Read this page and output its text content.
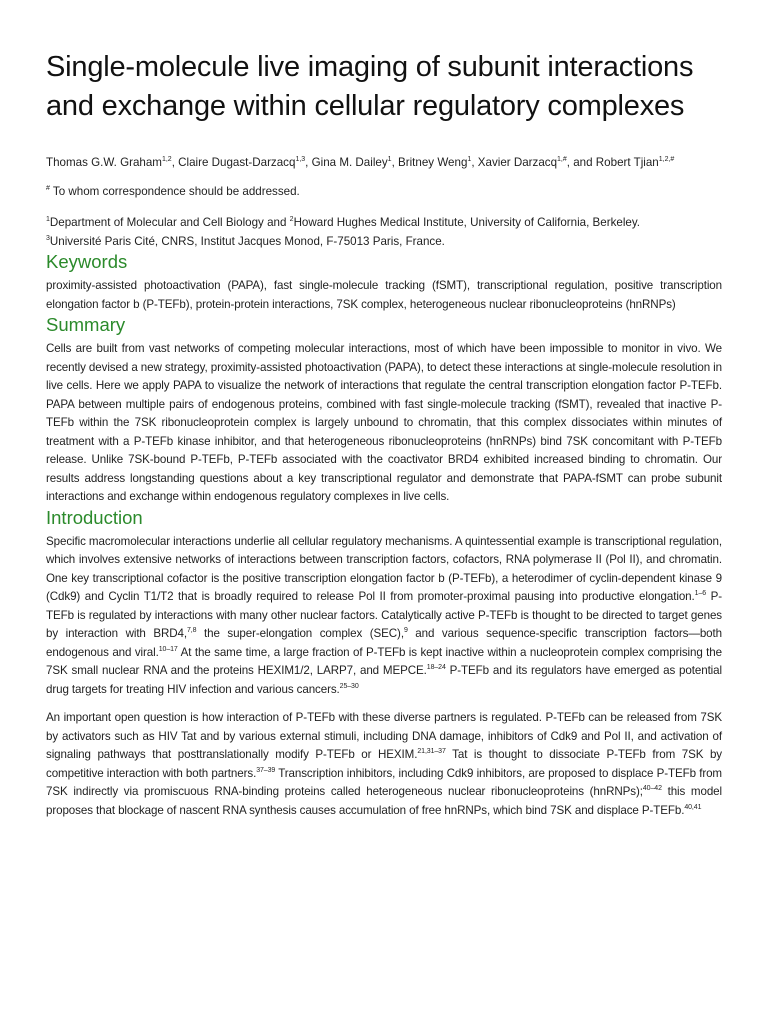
Single-molecule live imaging of subunit interactions and exchange within cellular regulatory complexes
Thomas G.W. Graham$^{1,2}$, Claire Dugast-Darzacq$^{1,3}$, Gina M. Dailey$^1$, Britney Weng$^1$, Xavier Darzacq$^{1,\#}$, and Robert Tjian$^{1,2,\#}$
# To whom correspondence should be addressed.
$^1$Department of Molecular and Cell Biology and $^2$Howard Hughes Medical Institute, University of California, Berkeley.
$^3$Université Paris Cité, CNRS, Institut Jacques Monod, F-75013 Paris, France.
Keywords

proximity-assisted photoactivation (PAPA), fast single-molecule tracking (fSMT), transcriptional regulation, positive transcription elongation factor b (P-TEFb), protein-protein interactions, 7SK complex, heterogeneous nuclear ribonucleoproteins (hnRNPs)

Summary

Cells are built from vast networks of competing molecular interactions, most of which have been impossible to monitor in vivo. We recently devised a new strategy, proximity-assisted photoactivation (PAPA), to detect these interactions at single-molecule resolution in live cells. Here we apply PAPA to visualize the network of interactions that regulate the central transcription elongation factor P-TEFb. PAPA between multiple pairs of endogenous proteins, combined with fast single-molecule tracking (fSMT), revealed that inactive P-TEFb within the 7SK ribonucleoprotein complex is largely unbound to chromatin, that this complex dissociates within minutes of treatment with a P-TEFb kinase inhibitor, and that heterogeneous ribonucleoproteins (hnRNPs) bind 7SK concomitant with P-TEFb release. Unlike 7SK-bound P-TEFb, P-TEFb associated with the coactivator BRD4 exhibited increased binding to chromatin. Our results address longstanding questions about a key transcriptional regulator and demonstrate that PAPA-fSMT can probe subunit interactions and exchange within endogenous regulatory complexes in live cells.

Introduction

Specific macromolecular interactions underlie all cellular regulatory mechanisms. A quintessential example is transcriptional regulation, which involves extensive networks of interactions between transcription factors, cofactors, RNA polymerase II (Pol II), and chromatin. One key transcriptional cofactor is the positive transcription elongation factor b (P-TEFb), a heterodimer of cyclin-dependent kinase 9 (Cdk9) and Cyclin T1/T2 that is broadly required to release Pol II from promoter-proximal pausing into productive elongation.$^{1-6}$ P-TEFb is regulated by interactions with many other nuclear factors. Catalytically active P-TEFb is thought to be directed to target genes by interaction with BRD4,$^{7,8}$ the super-elongation complex (SEC),$^9$ and various sequence-specific transcription factors—both endogenous and viral.$^{10-17}$ At the same time, a large fraction of P-TEFb is kept inactive within a nucleoprotein complex comprising the 7SK small nuclear RNA and the proteins HEXIM1/2, LARP7, and MEPCE.$^{18-24}$ P-TEFb and its regulators have emerged as potential drug targets for treating HIV infection and various cancers.$^{25-30}$

An important open question is how interaction of P-TEFb with these diverse partners is regulated. P-TEFb can be released from 7SK by activators such as HIV Tat and by various external stimuli, including DNA damage, inhibitors of Cdk9 and Pol II, and activation of signaling pathways that posttranslationally modify P-TEFb or HEXIM.$^{21,31-37}$ Tat is thought to dissociate P-TEFb from 7SK by competitive interaction with both partners.$^{37-39}$ Transcription inhibitors, including Cdk9 inhibitors, are proposed to displace P-TEFb from 7SK indirectly via promiscuous RNA-binding proteins called heterogeneous nuclear ribonucleoproteins (hnRNPs);$^{40-42}$ this model proposes that blockage of nascent RNA synthesis causes accumulation of free hnRNPs, which bind 7SK and displace P-TEFb.$^{40,41}$
